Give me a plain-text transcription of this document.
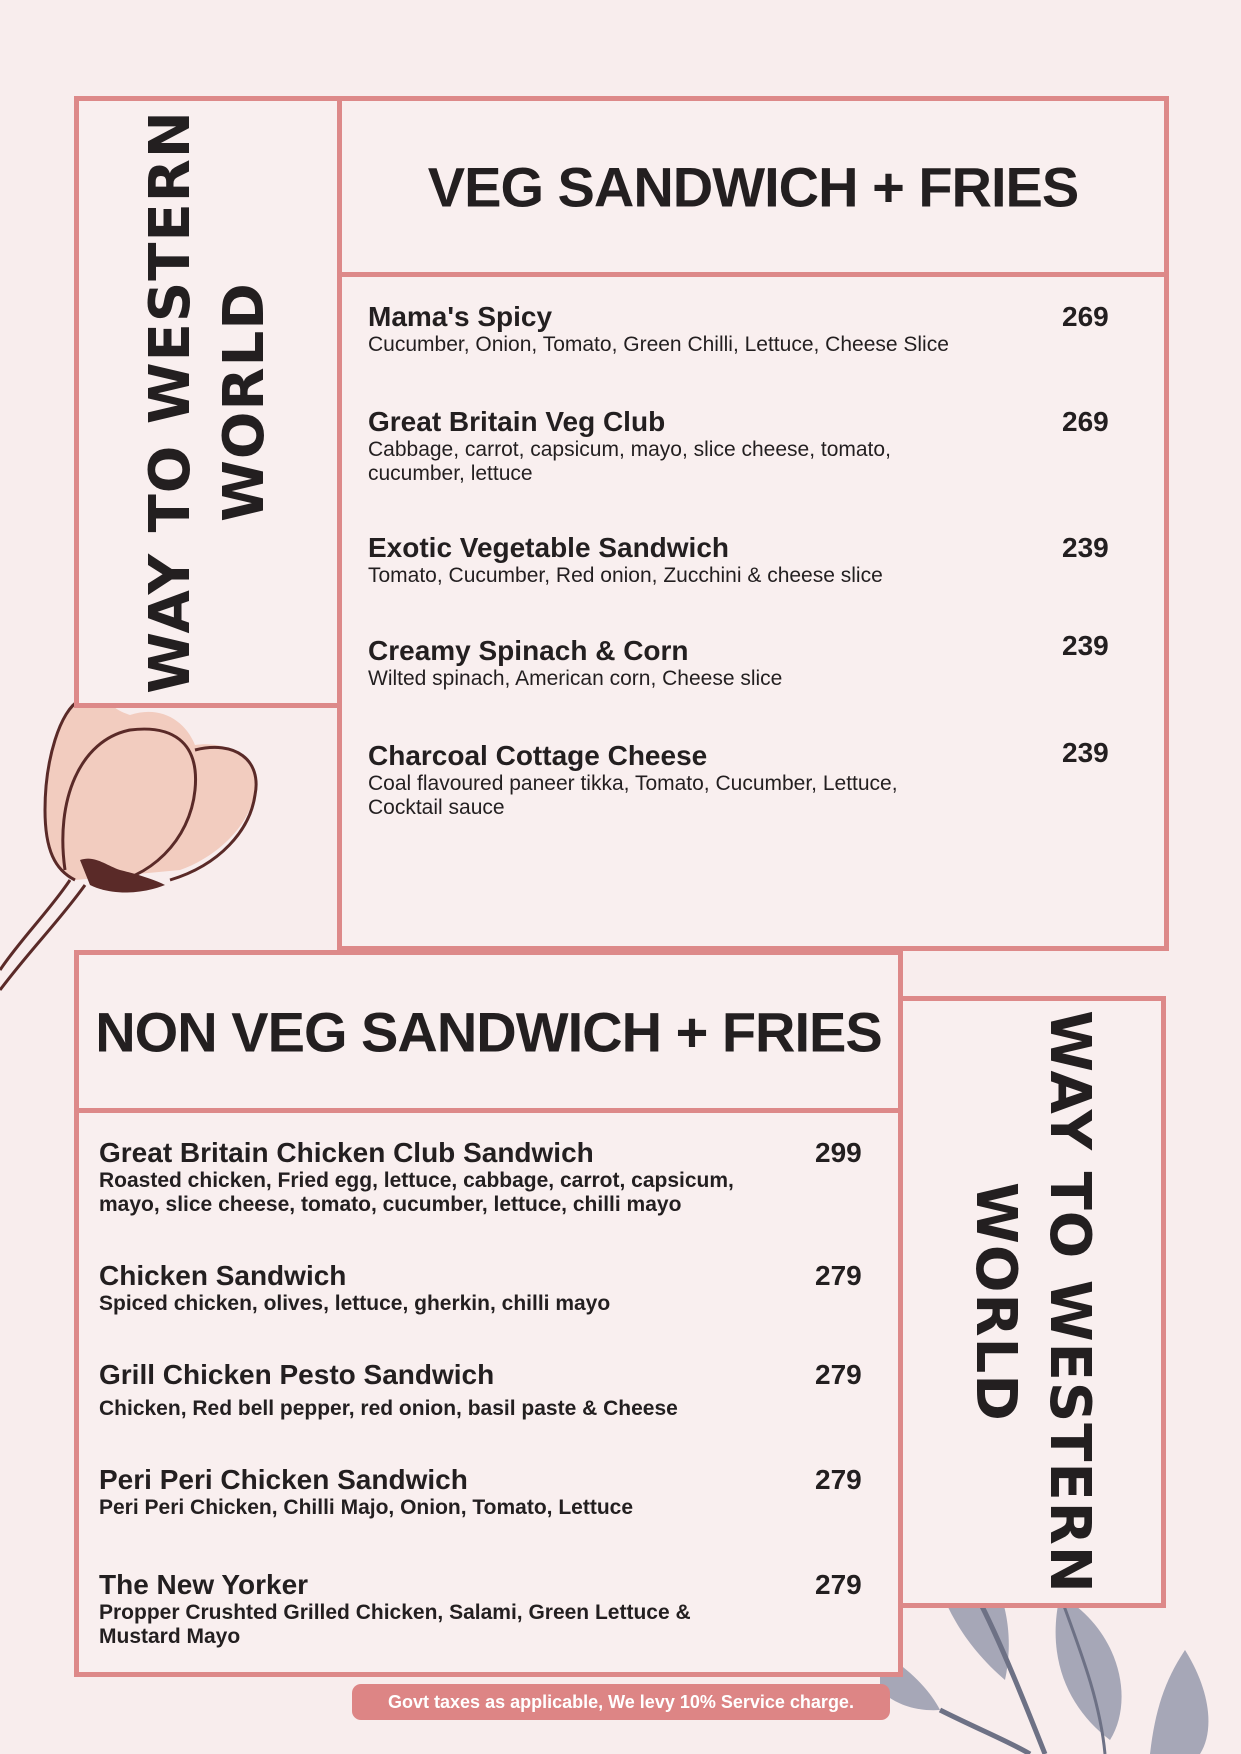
WAY TO WESTERN WORLD
VEG SANDWICH + FRIES
Mama's Spicy
Cucumber, Onion, Tomato, Green Chilli, Lettuce, Cheese Slice
269
Great Britain Veg Club
Cabbage, carrot, capsicum, mayo, slice cheese, tomato, cucumber, lettuce
269
Exotic Vegetable Sandwich
Tomato, Cucumber, Red onion, Zucchini & cheese slice
239
Creamy Spinach & Corn
Wilted spinach, American corn, Cheese slice
239
Charcoal Cottage Cheese
Coal flavoured paneer tikka, Tomato, Cucumber, Lettuce, Cocktail sauce
239
NON VEG SANDWICH + FRIES	WAY TO WESTERN
WORLD
Great Britain Chicken Club Sandwich
Roasted chicken, Fried egg, lettuce, cabbage, carrot, capsicum, mayo, slice cheese, tomato, cucumber, lettuce, chilli mayo
299
Chicken Sandwich
Spiced chicken, olives, lettuce, gherkin, chilli mayo
279
Grill Chicken Pesto Sandwich
Chicken, Red bell pepper, red onion, basil paste & Cheese
279
Peri Peri Chicken Sandwich
Peri Peri Chicken, Chilli Majo, Onion, Tomato, Lettuce
279
The New Yorker
Propper Crushted Grilled Chicken, Salami, Green Lettuce & Mustard Mayo
279
Govt taxes as applicable, We levy 10% Service charge.
